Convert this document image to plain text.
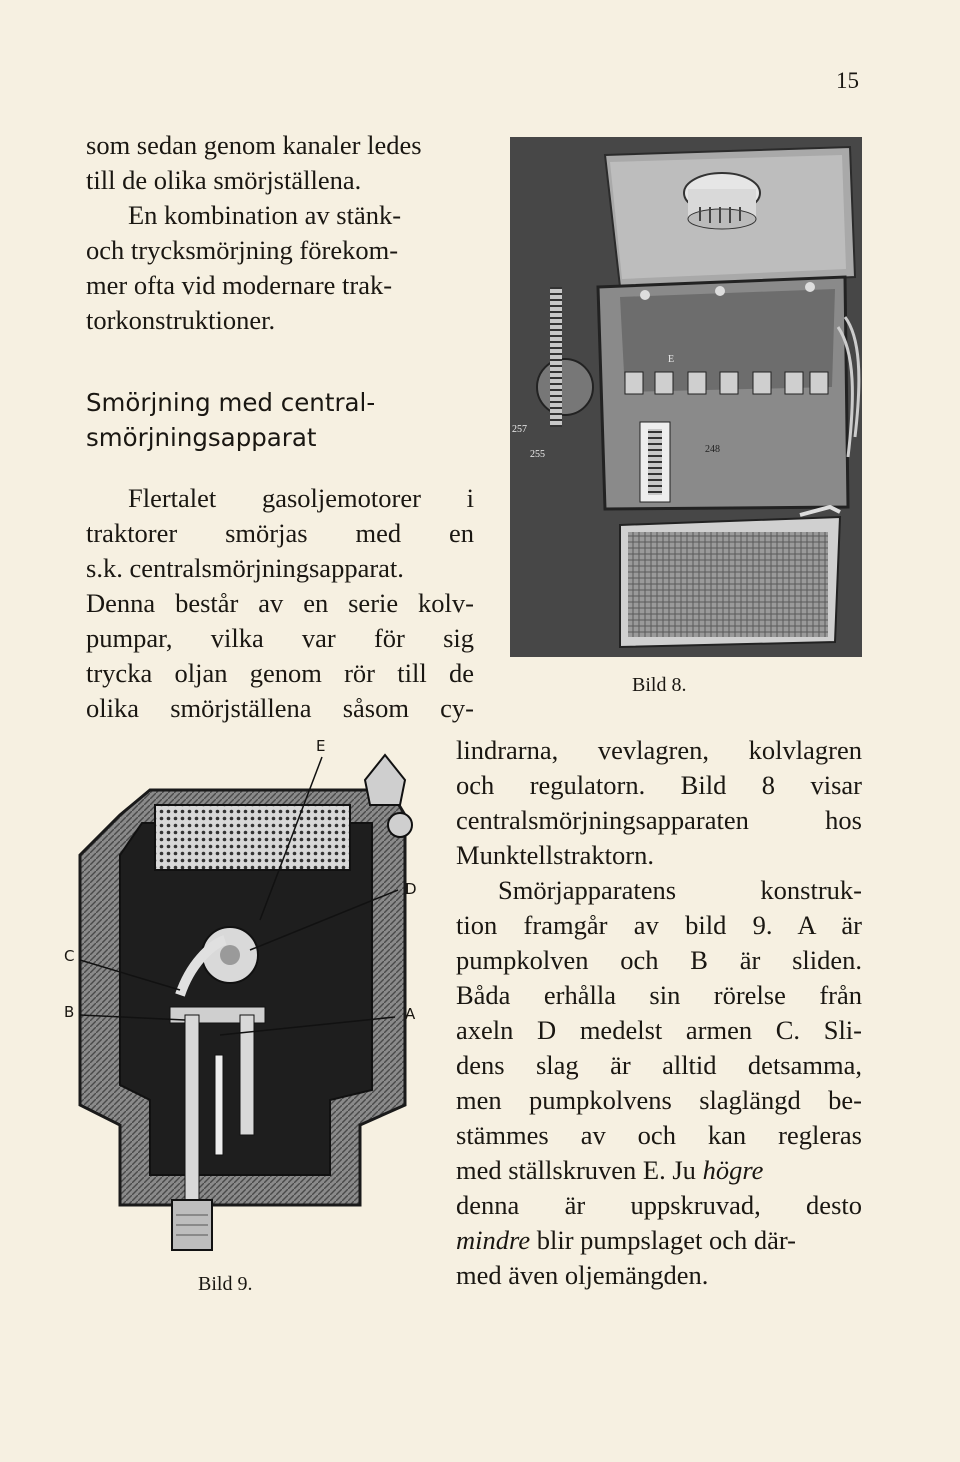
15
som sedan genom kanaler ledes
till de olika smörjställena.
En kombination av stänk-
och trycksmörjning förekom-
mer ofta vid modernare trak-
torkonstruktioner.
Smörjning med central-
smörjningsapparat
Flertalet gasoljemotorer i
traktorer smörjas med en
s.k. centralsmörjningsapparat.
Denna består av en serie kolv-
pumpar, vilka var för sig
trycka oljan genom rör till de
olika smörjställena såsom cy-
257
255	248
E
Bild 8.
lindrarna, vevlagren, kolvlagren
och regulatorn. Bild 8 visar
centralsmörjningsapparaten hos
Munktellstraktorn.
Smörjapparatens konstruk-
tion framgår av bild 9. A är
pumpkolven och B är sliden.
Båda erhålla sin rörelse från
axeln D medelst armen C. Sli-
dens slag är alltid detsamma,
men pumpkolvens slaglängd be-
stämmes av och kan regleras
med ställskruven E. Ju högre
denna är uppskruvad, desto
mindre blir pumpslaget och där-
med även oljemängden.
E
D
C
B	A
Bild 9.
